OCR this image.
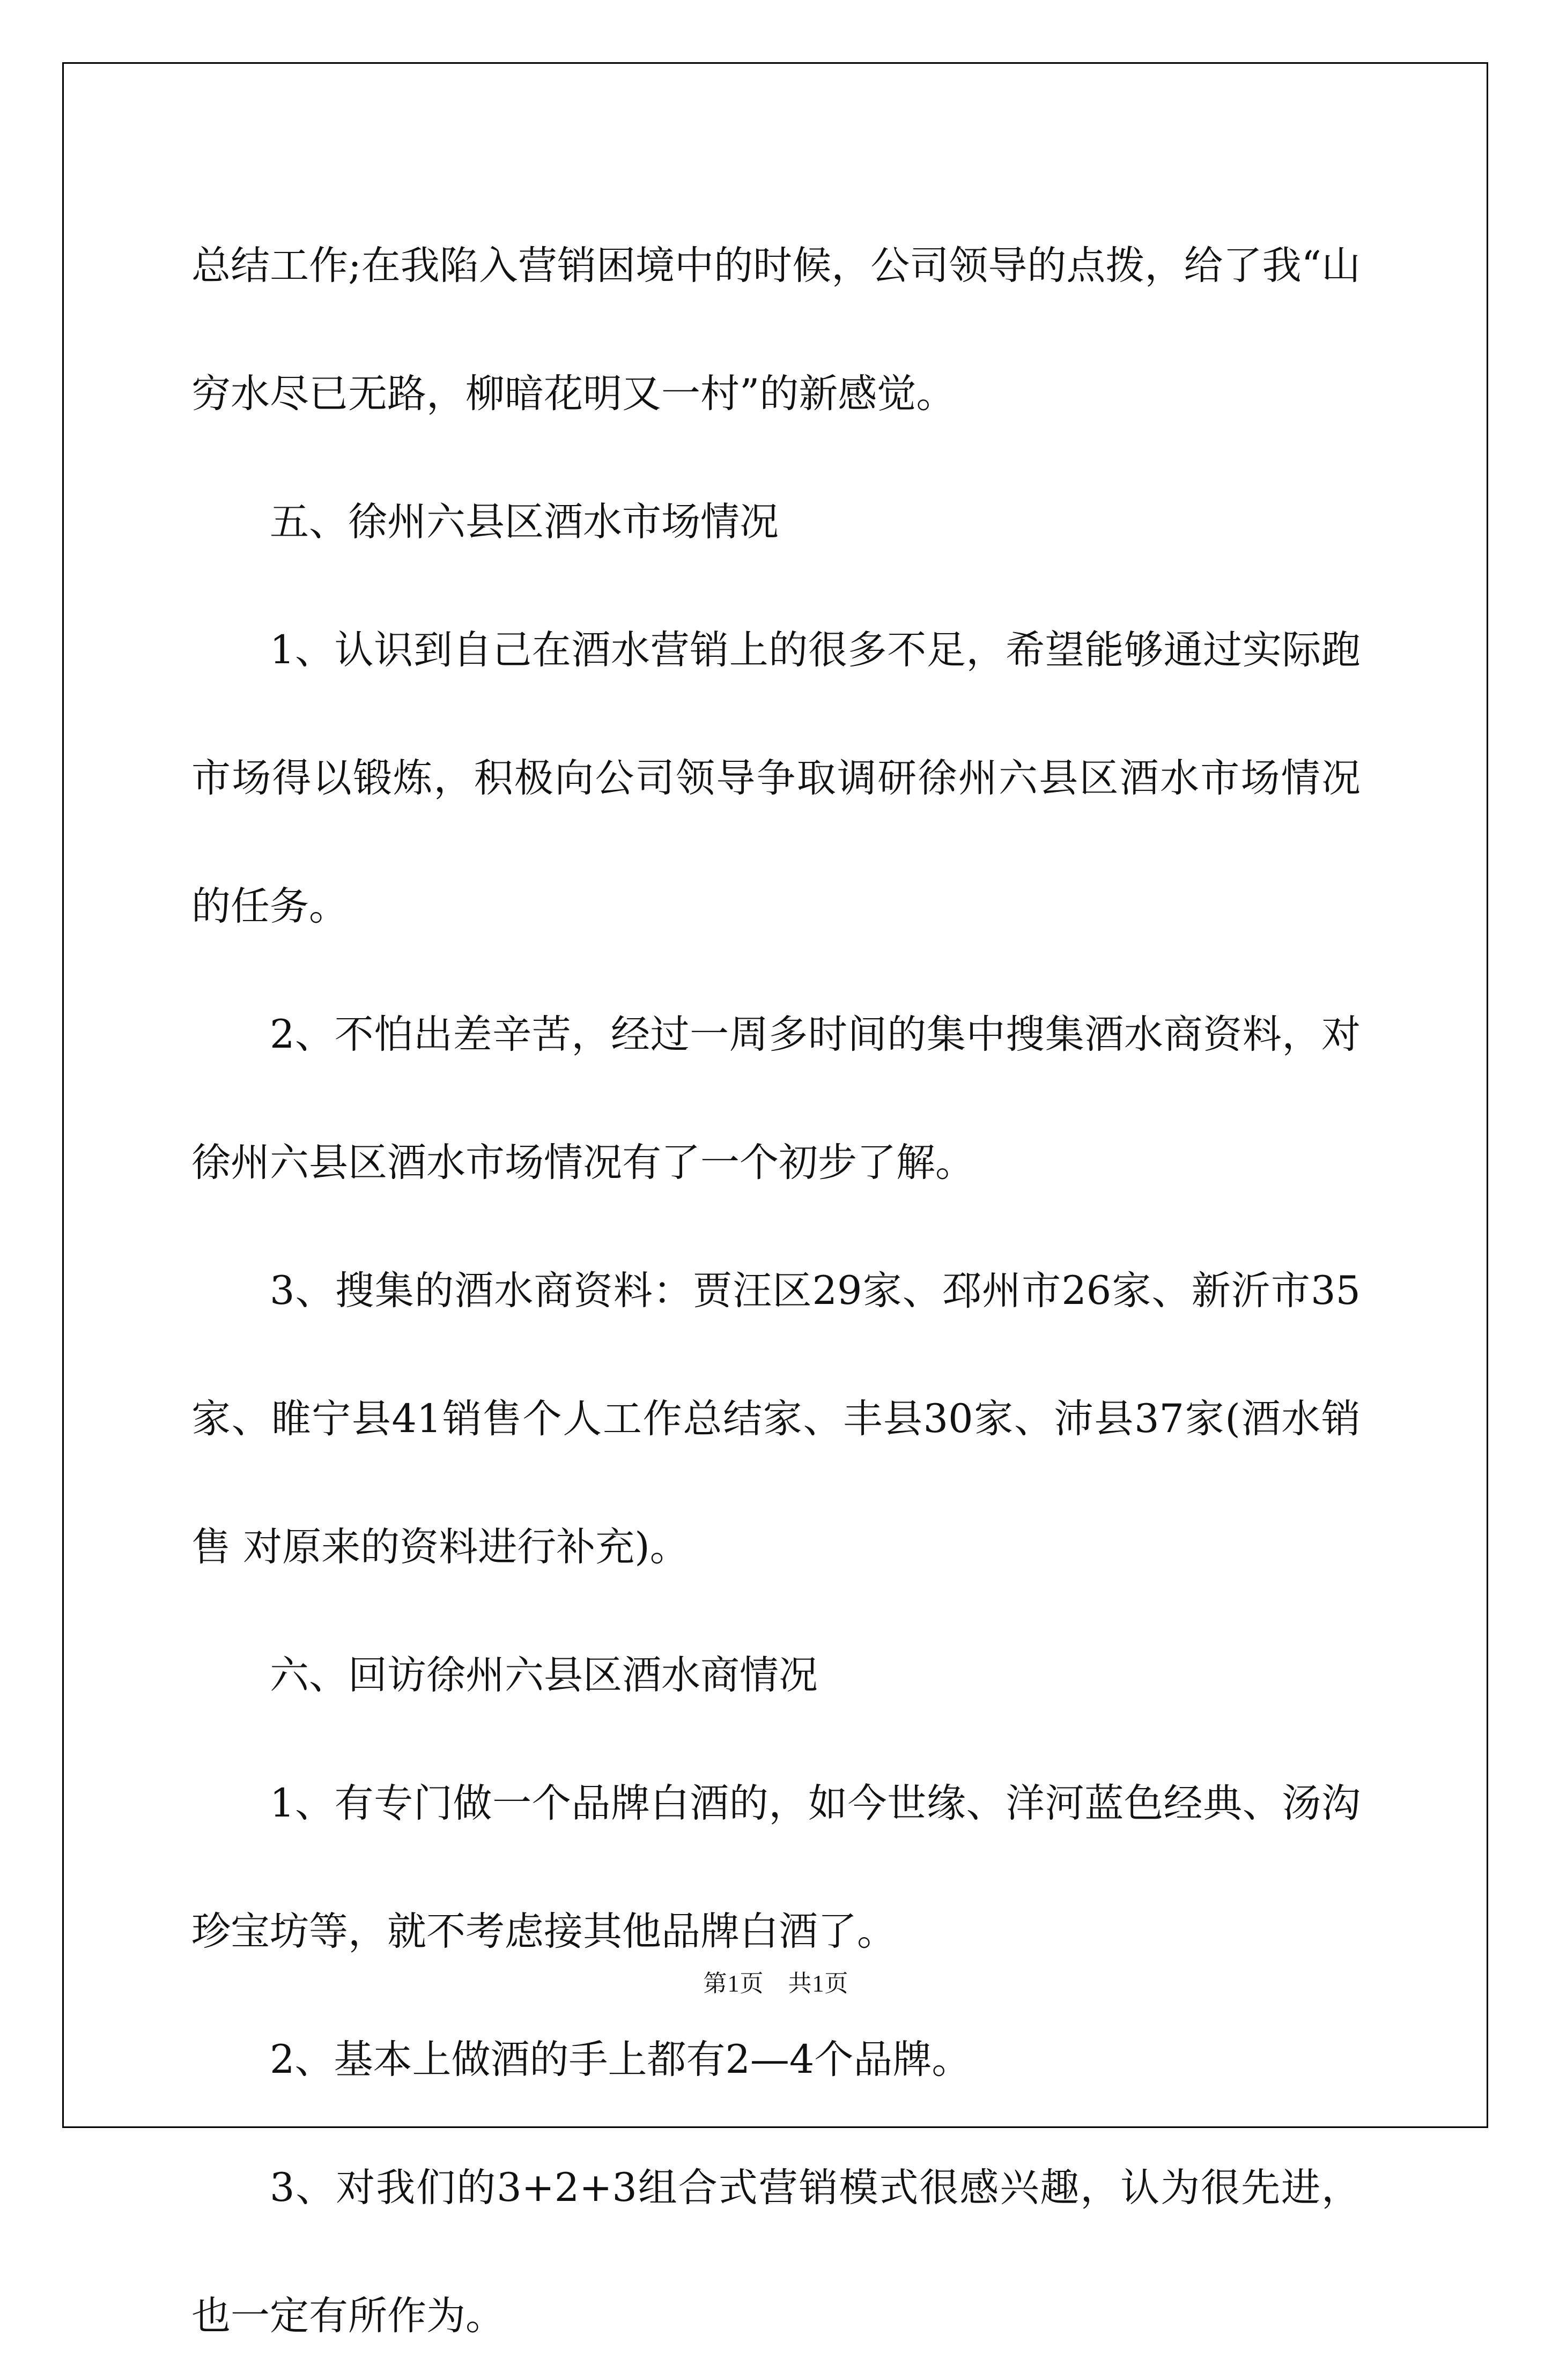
总结工作;在我陷入营销困境中的时候，公司领导的点拨，给了我“山穷水尽已无路，柳暗花明又一村”的新感觉。

五、徐州六县区酒水市场情况

1、认识到自己在酒水营销上的很多不足，希望能够通过实际跑市场得以锻炼，积极向公司领导争取调研徐州六县区酒水市场情况的任务。

2、不怕出差辛苦，经过一周多时间的集中搜集酒水商资料，对徐州六县区酒水市场情况有了一个初步了解。

3、搜集的酒水商资料：贾汪区29家、邳州市26家、新沂市35家、睢宁县41销售个人工作总结家、丰县30家、沛县37家(酒水销售 对原来的资料进行补充)。

六、回访徐州六县区酒水商情况

1、有专门做一个品牌白酒的，如今世缘、洋河蓝色经典、汤沟珍宝坊等，就不考虑接其他品牌白酒了。

2、基本上做酒的手上都有2—4个品牌。

3、对我们的3+2+3组合式营销模式很感兴趣，认为很先进，也一定有所作为。

第1页　共1页
